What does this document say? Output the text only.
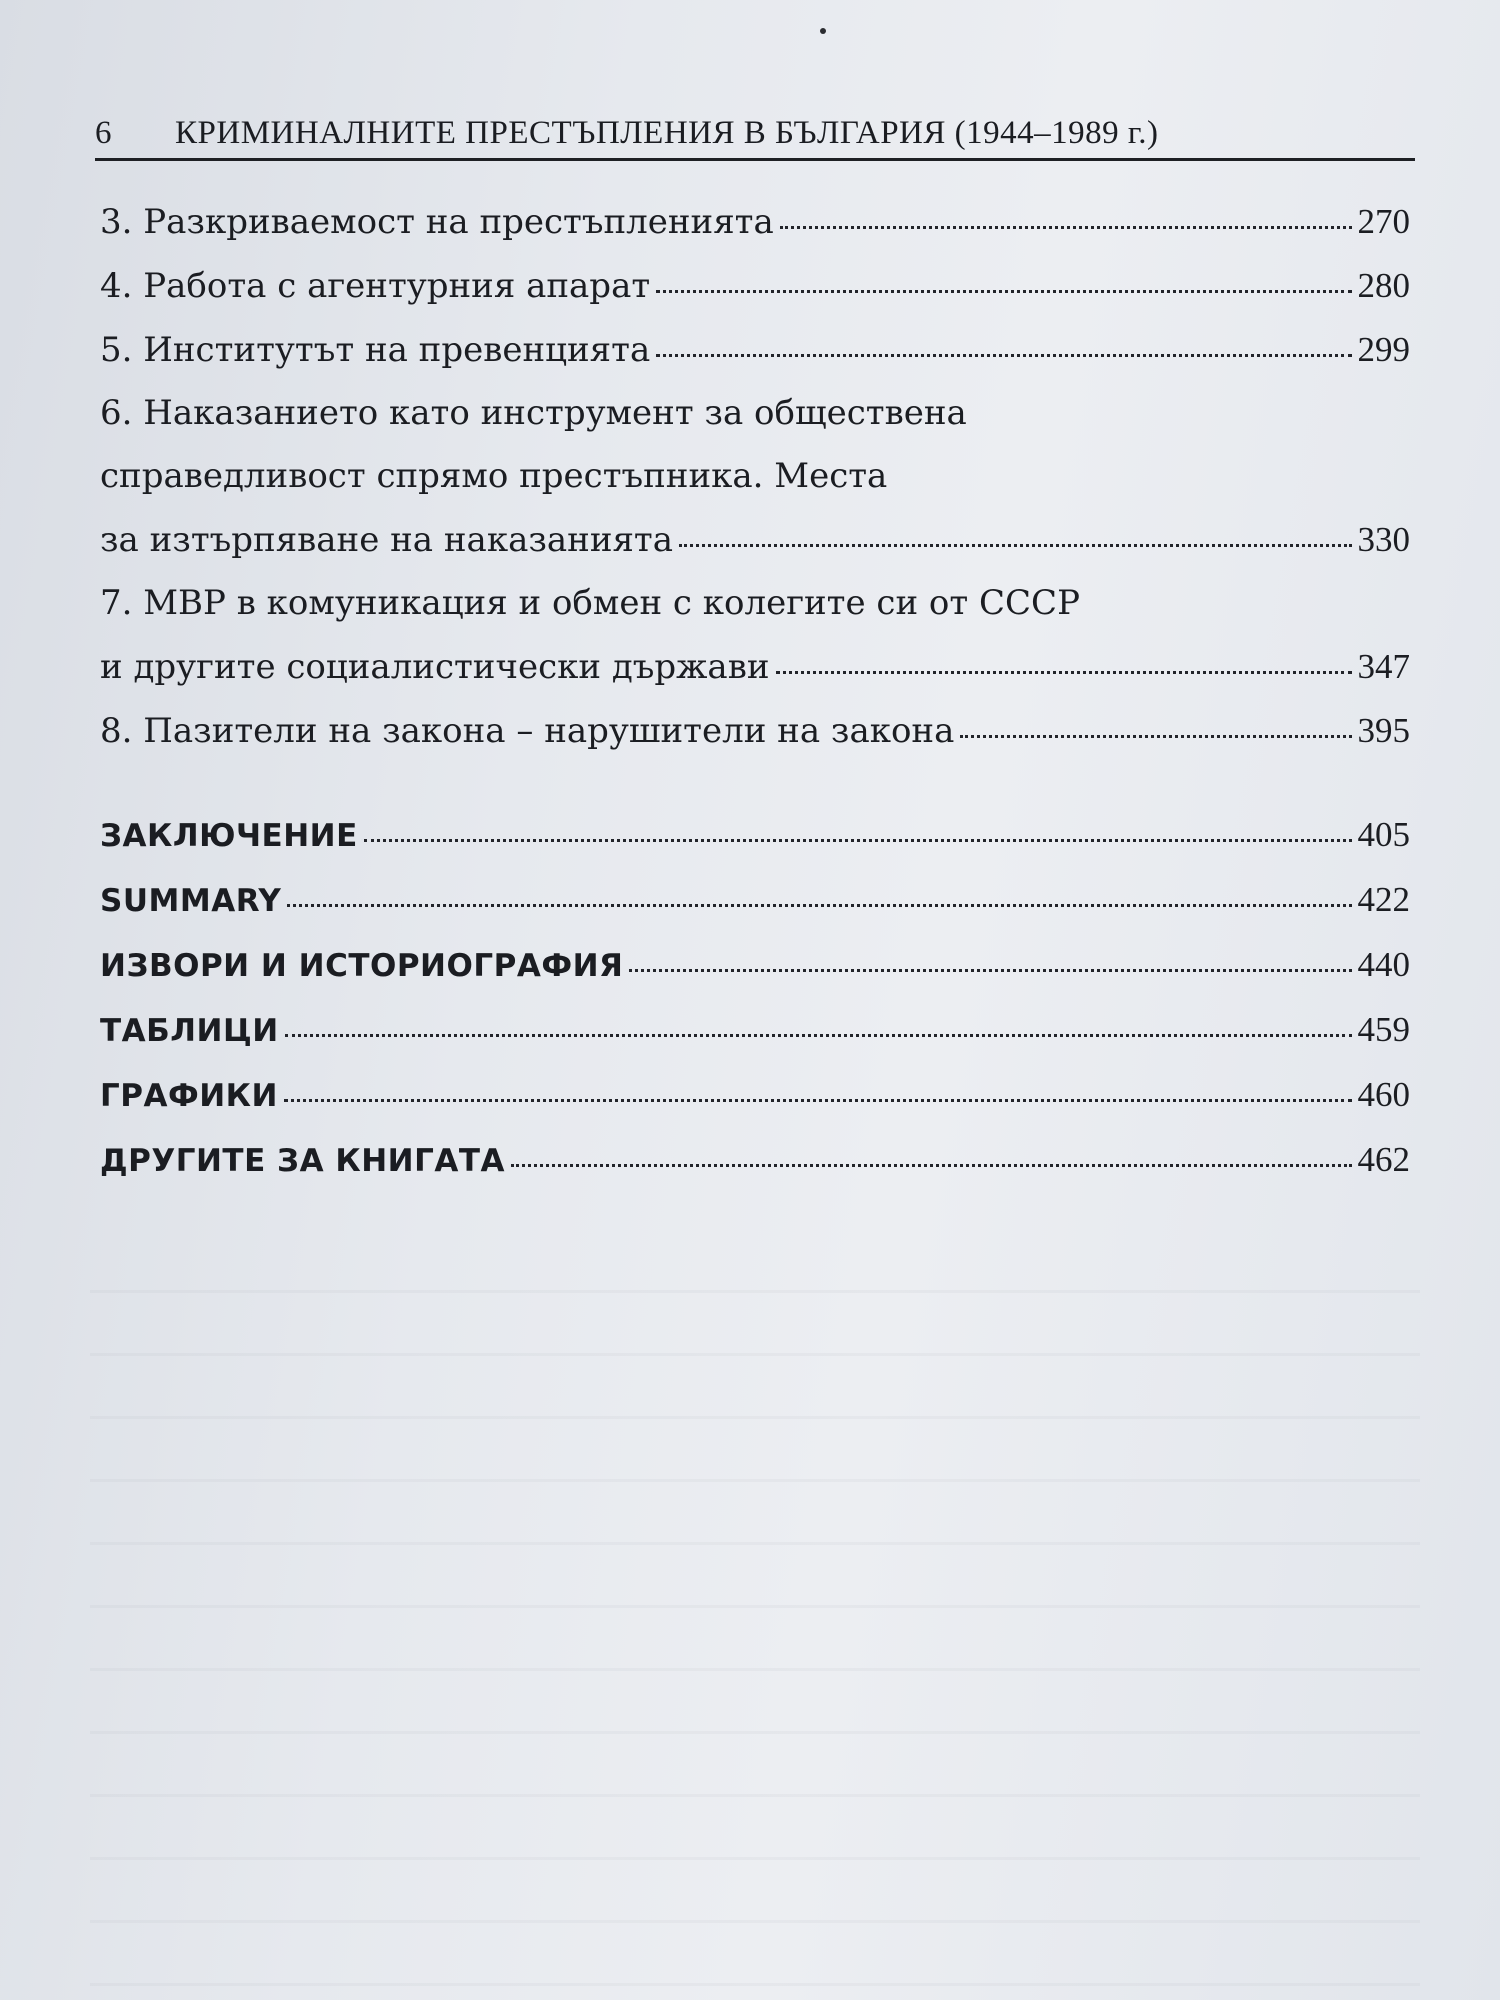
6	КРИМИНАЛНИТЕ ПРЕСТЪПЛЕНИЯ В БЪЛГАРИЯ (1944–1989 г.)
3. Разкриваемост на престъпленията	270
4. Работа с агентурния апарат	280
5. Институтът на превенцията	299
6. Наказанието като инструмент за обществена
справедливост спрямо престъпника. Места
за изтърпяване на наказанията	330
7. МВР в комуникация и обмен с колегите си от СССР
и другите социалистически държави	347
8. Пазители на закона – нарушители на закона	395
ЗАКЛЮЧЕНИЕ	405
SUMMARY	422
ИЗВОРИ И ИСТОРИОГРАФИЯ	440
ТАБЛИЦИ	459
ГРАФИКИ	460
ДРУГИТЕ ЗА КНИГАТА	462
